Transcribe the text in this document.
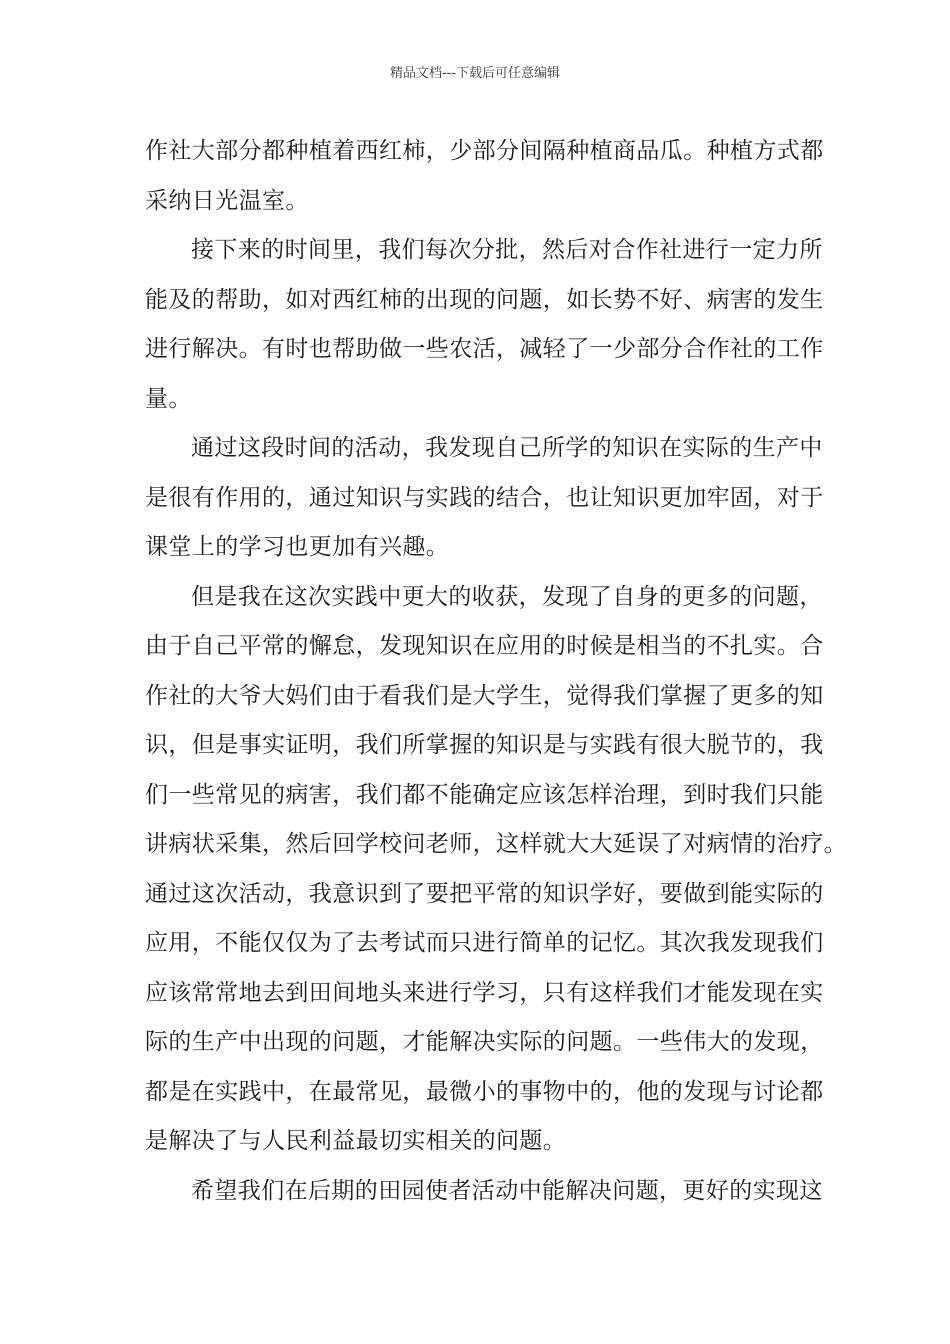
精品文档---下载后可任意编辑
作社大部分都种植着西红柿，少部分间隔种植商品瓜。种植方式都
采纳日光温室。
接下来的时间里，我们每次分批，然后对合作社进行一定力所
能及的帮助，如对西红柿的出现的问题，如长势不好、病害的发生
进行解决。有时也帮助做一些农活，减轻了一少部分合作社的工作
量。
通过这段时间的活动，我发现自己所学的知识在实际的生产中
是很有作用的，通过知识与实践的结合，也让知识更加牢固，对于
课堂上的学习也更加有兴趣。
但是我在这次实践中更大的收获，发现了自身的更多的问题，
由于自己平常的懈怠，发现知识在应用的时候是相当的不扎实。合
作社的大爷大妈们由于看我们是大学生，觉得我们掌握了更多的知
识，但是事实证明，我们所掌握的知识是与实践有很大脱节的，我
们一些常见的病害，我们都不能确定应该怎样治理，到时我们只能
讲病状采集，然后回学校问老师，这样就大大延误了对病情的治疗。
通过这次活动，我意识到了要把平常的知识学好，要做到能实际的
应用，不能仅仅为了去考试而只进行简单的记忆。其次我发现我们
应该常常地去到田间地头来进行学习，只有这样我们才能发现在实
际的生产中出现的问题，才能解决实际的问题。一些伟大的发现，
都是在实践中，在最常见，最微小的事物中的，他的发现与讨论都
是解决了与人民利益最切实相关的问题。
希望我们在后期的田园使者活动中能解决问题，更好的实现这
